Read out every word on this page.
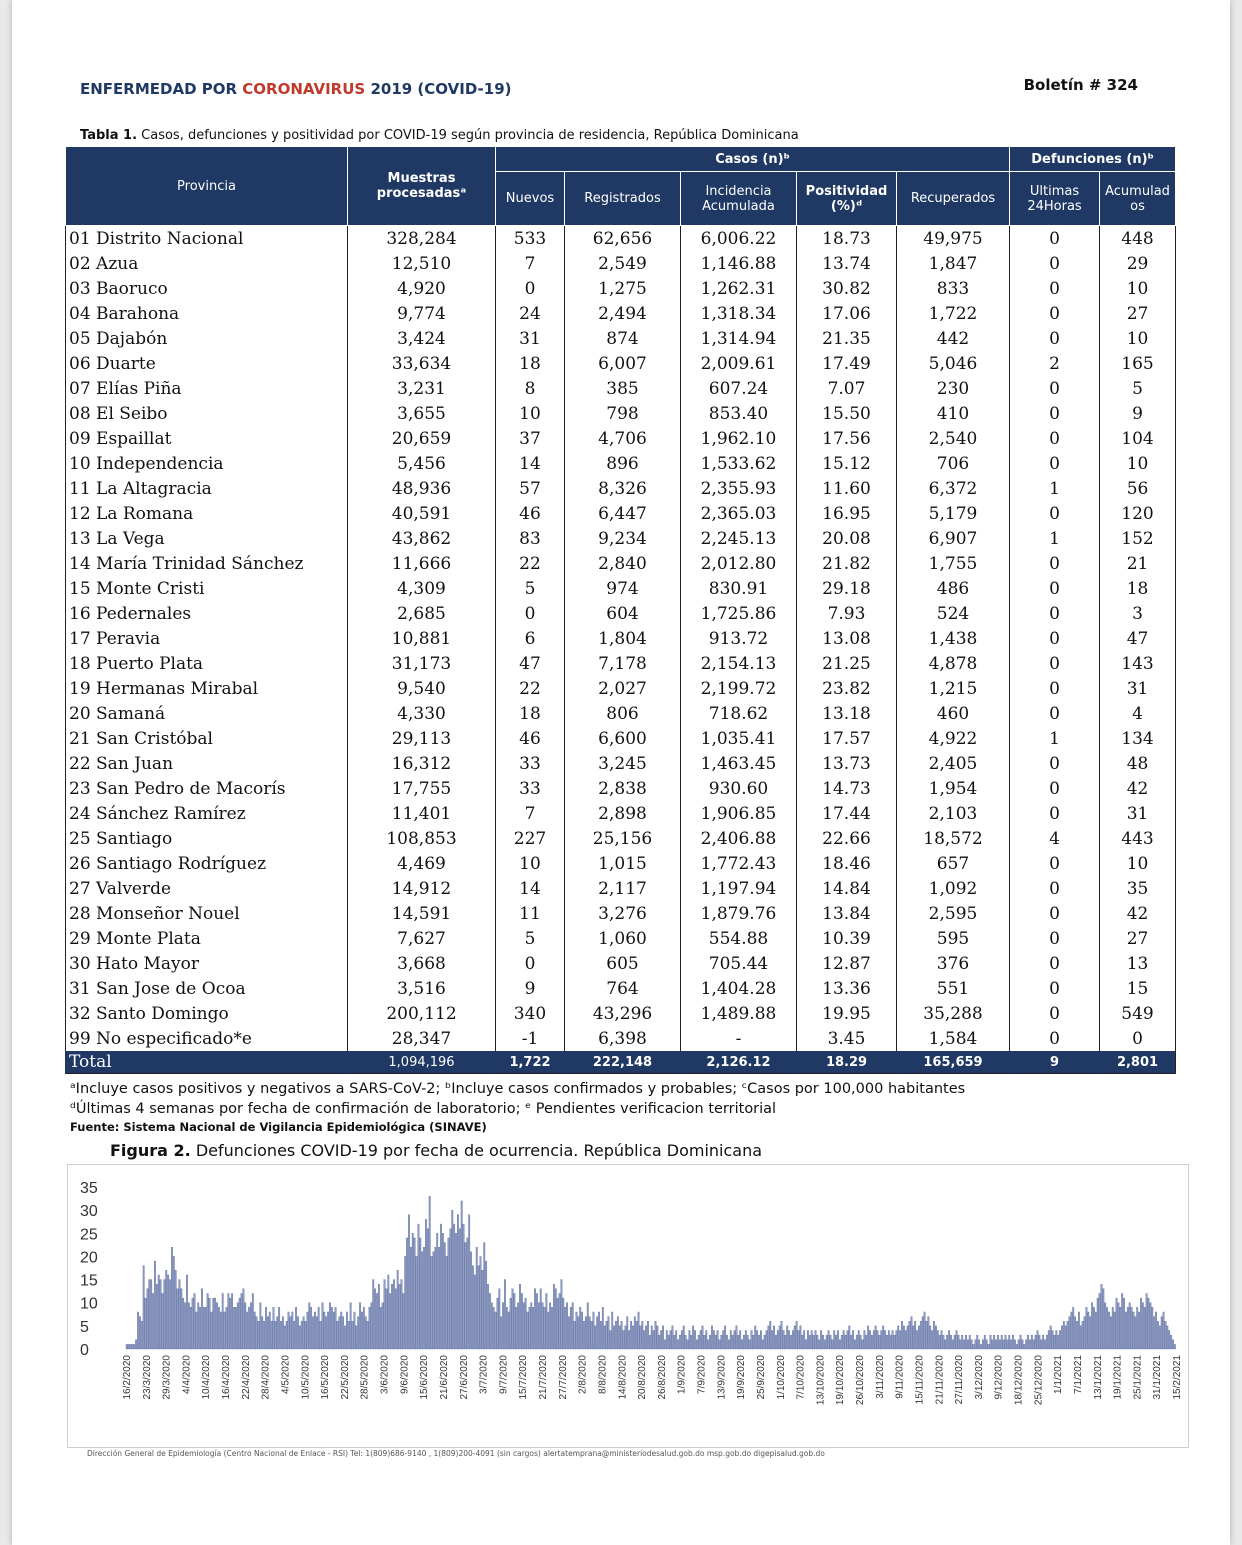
ENFERMEDAD POR CORONAVIRUS 2019 (COVID-19)	Boletín # 324
Tabla 1. Casos, defunciones y positividad por COVID-19 según provincia de residencia, República Dominicana
Provincia	Muestras procesadasᵃ	Casos (n)ᵇ					Defunciones (n)ᵇ	
		Nuevos	Registrados	Incidencia Acumulada	Positividad (%)ᵈ	Recuperados	Ultimas 24Horas	Acumulad os
01 Distrito Nacional	328,284	533	62,656	6,006.22	18.73	49,975	0	448
02 Azua	12,510	7	2,549	1,146.88	13.74	1,847	0	29
03 Baoruco	4,920	0	1,275	1,262.31	30.82	833	0	10
04 Barahona	9,774	24	2,494	1,318.34	17.06	1,722	0	27
05 Dajabón	3,424	31	874	1,314.94	21.35	442	0	10
06 Duarte	33,634	18	6,007	2,009.61	17.49	5,046	2	165
07 Elías Piña	3,231	8	385	607.24	7.07	230	0	5
08 El Seibo	3,655	10	798	853.40	15.50	410	0	9
09 Espaillat	20,659	37	4,706	1,962.10	17.56	2,540	0	104
10 Independencia	5,456	14	896	1,533.62	15.12	706	0	10
11 La Altagracia	48,936	57	8,326	2,355.93	11.60	6,372	1	56
12 La Romana	40,591	46	6,447	2,365.03	16.95	5,179	0	120
13 La Vega	43,862	83	9,234	2,245.13	20.08	6,907	1	152
14 María Trinidad Sánchez	11,666	22	2,840	2,012.80	21.82	1,755	0	21
15 Monte Cristi	4,309	5	974	830.91	29.18	486	0	18
16 Pedernales	2,685	0	604	1,725.86	7.93	524	0	3
17 Peravia	10,881	6	1,804	913.72	13.08	1,438	0	47
18 Puerto Plata	31,173	47	7,178	2,154.13	21.25	4,878	0	143
19 Hermanas Mirabal	9,540	22	2,027	2,199.72	23.82	1,215	0	31
20 Samaná	4,330	18	806	718.62	13.18	460	0	4
21 San Cristóbal	29,113	46	6,600	1,035.41	17.57	4,922	1	134
22 San Juan	16,312	33	3,245	1,463.45	13.73	2,405	0	48
23 San Pedro de Macorís	17,755	33	2,838	930.60	14.73	1,954	0	42
24 Sánchez Ramírez	11,401	7	2,898	1,906.85	17.44	2,103	0	31
25 Santiago	108,853	227	25,156	2,406.88	22.66	18,572	4	443
26 Santiago Rodríguez	4,469	10	1,015	1,772.43	18.46	657	0	10
27 Valverde	14,912	14	2,117	1,197.94	14.84	1,092	0	35
28 Monseñor Nouel	14,591	11	3,276	1,879.76	13.84	2,595	0	42
29 Monte Plata	7,627	5	1,060	554.88	10.39	595	0	27
30 Hato Mayor	3,668	0	605	705.44	12.87	376	0	13
31 San Jose de Ocoa	3,516	9	764	1,404.28	13.36	551	0	15
32 Santo Domingo	200,112	340	43,296	1,489.88	19.95	35,288	0	549
99 No especificado*e	28,347	-1	6,398	-	3.45	1,584	0	0
Total	1,094,196	1,722	222,148	2,126.12	18.29	165,659	9	2,801
ᵃIncluye casos positivos y negativos a SARS-CoV-2; ᵇIncluye casos confirmados y probables; ᶜCasos por 100,000 habitantes
ᵈÚltimas 4 semanas por fecha de confirmación de laboratorio; ᵉ Pendientes verificacion territorial
Fuente: Sistema Nacional de Vigilancia Epidemiológica (SINAVE)
Figura 2. Defunciones COVID-19 por fecha de ocurrencia. República Dominicana
0
5
10
15
20
25
30
35
16/2/2020 23/3/2020 29/3/2020 4/4/2020 10/4/2020 16/4/2020 22/4/2020 28/4/2020 4/5/2020 10/5/2020 16/5/2020 22/5/2020 28/5/2020 3/6/2020 9/6/2020 15/6/2020 21/6/2020 27/6/2020 3/7/2020 9/7/2020 15/7/2020 21/7/2020 27/7/2020 2/8/2020 8/8/2020 14/8/2020 20/8/2020 26/8/2020 1/9/2020 7/9/2020 13/9/2020 19/9/2020 25/9/2020 1/10/2020 7/10/2020 13/10/2020 19/10/2020 26/10/2020 3/11/2020 9/11/2020 15/11/2020 21/11/2020 27/11/2020 3/12/2020 9/12/2020 18/12/2020 25/12/2020 1/1/2021 7/1/2021 13/1/2021 19/1/2021 25/1/2021 31/1/2021 15/2/2021
Dirección General de Epidemiología (Centro Nacional de Enlace - RSI) Tel: 1(809)686-9140 , 1(809)200-4091 (sin cargos) alertatemprana@ministeriodesalud.gob.do msp.gob.do digepisalud.gob.do
